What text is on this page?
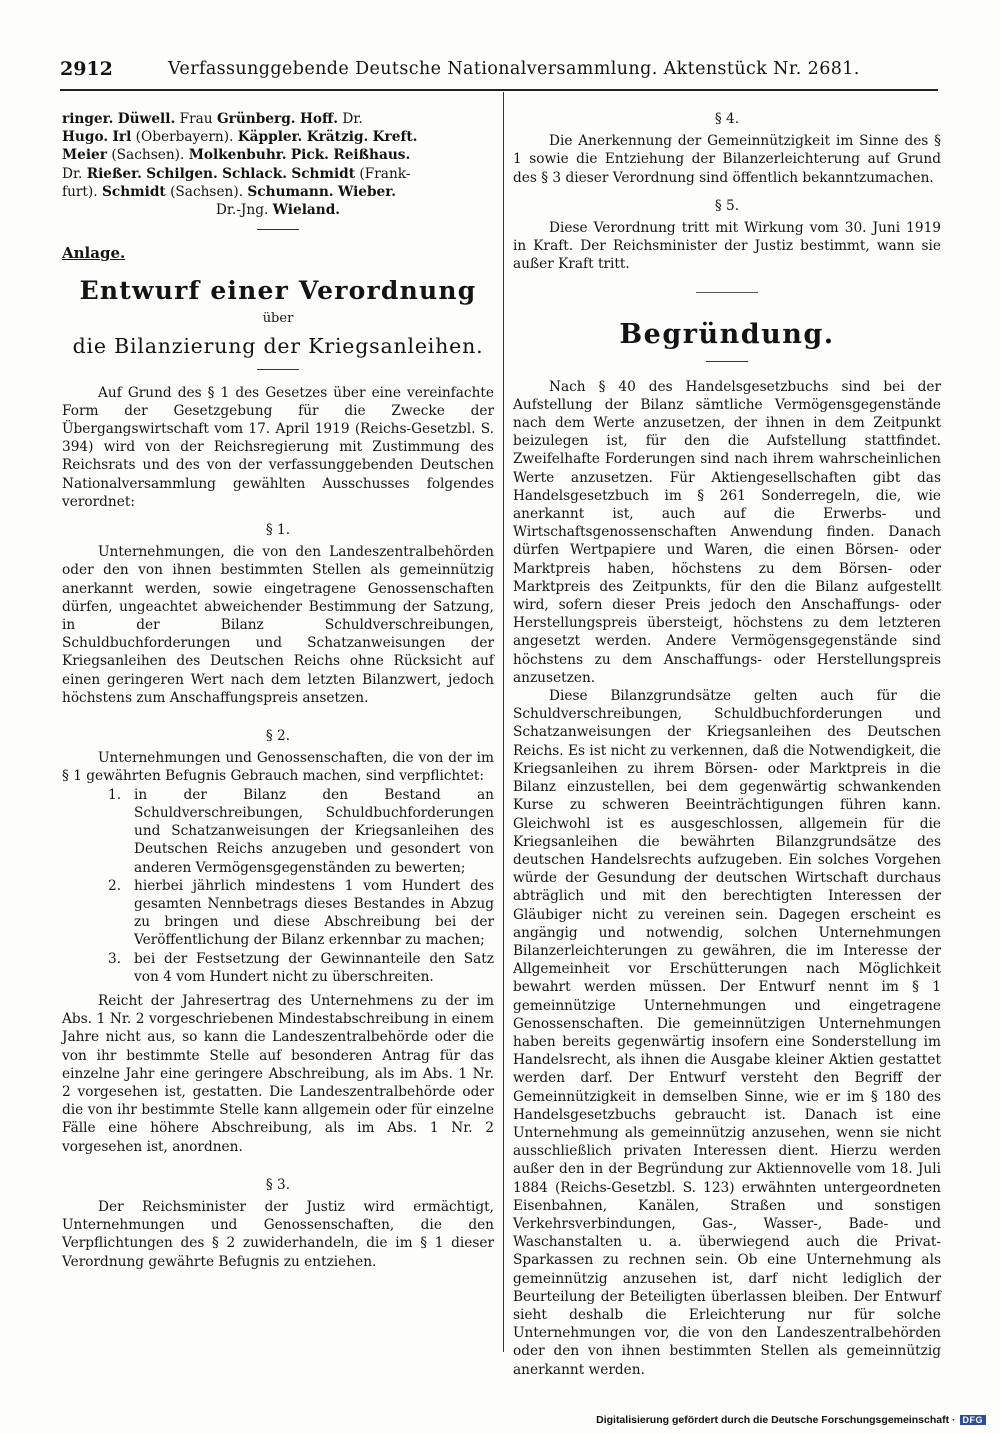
2912	Verfassunggebende Deutsche Nationalversammlung. Aktenstück Nr. 2681.

ringer. Düwell. Frau Grünberg. Hoff. Dr.

Hugo. Irl (Oberbayern). Käppler. Krätzig. Kreft.

Meier (Sachsen). Molkenbuhr. Pick. Reißhaus.

Dr. Rießer. Schilgen. Schlack. Schmidt (Frank-

furt). Schmidt (Sachsen). Schumann. Wieber.

Dr.-Jng. Wieland.

Anlage.

Entwurf einer Verordnung

über

die Bilanzierung der Kriegsanleihen.

Auf Grund des § 1 des Gesetzes über eine vereinfachte Form der Gesetzgebung für die Zwecke der Übergangswirtschaft vom 17. April 1919 (Reichs-Gesetzbl. S. 394) wird von der Reichsregierung mit Zustimmung des Reichsrats und des von der verfassunggebenden Deutschen Nationalversammlung gewählten Ausschusses folgendes verordnet:

§ 1.

Unternehmungen, die von den Landeszentralbehörden oder den von ihnen bestimmten Stellen als gemeinnützig anerkannt werden, sowie eingetragene Genossenschaften dürfen, ungeachtet abweichender Bestimmung der Satzung, in der Bilanz Schuldverschreibungen, Schuldbuchforderungen und Schatzanweisungen der Kriegsanleihen des Deutschen Reichs ohne Rücksicht auf einen geringeren Wert nach dem letzten Bilanzwert, jedoch höchstens zum Anschaffungspreis ansetzen.

§ 2.

Unternehmungen und Genossenschaften, die von der im § 1 gewährten Befugnis Gebrauch machen, sind verpflichtet:

1. in der Bilanz den Bestand an Schuldverschreibungen, Schuldbuchforderungen und Schatzanweisungen der Kriegsanleihen des Deutschen Reichs anzugeben und gesondert von anderen Vermögensgegenständen zu bewerten;
2. hierbei jährlich mindestens 1 vom Hundert des gesamten Nennbetrags dieses Bestandes in Abzug zu bringen und diese Abschreibung bei der Veröffentlichung der Bilanz erkennbar zu machen;
3. bei der Festsetzung der Gewinnanteile den Satz von 4 vom Hundert nicht zu überschreiten.

Reicht der Jahresertrag des Unternehmens zu der im Abs. 1 Nr. 2 vorgeschriebenen Mindestabschreibung in einem Jahre nicht aus, so kann die Landeszentralbehörde oder die von ihr bestimmte Stelle auf besonderen Antrag für das einzelne Jahr eine geringere Abschreibung, als im Abs. 1 Nr. 2 vorgesehen ist, gestatten. Die Landeszentralbehörde oder die von ihr bestimmte Stelle kann allgemein oder für einzelne Fälle eine höhere Abschreibung, als im Abs. 1 Nr. 2 vorgesehen ist, anordnen.

§ 3.

Der Reichsminister der Justiz wird ermächtigt, Unternehmungen und Genossenschaften, die den Verpflichtungen des § 2 zuwiderhandeln, die im § 1 dieser Verordnung gewährte Befugnis zu entziehen.

§ 4.

Die Anerkennung der Gemeinnützigkeit im Sinne des § 1 sowie die Entziehung der Bilanzerleichterung auf Grund des § 3 dieser Verordnung sind öffentlich bekanntzumachen.

§ 5.

Diese Verordnung tritt mit Wirkung vom 30. Juni 1919 in Kraft. Der Reichsminister der Justiz bestimmt, wann sie außer Kraft tritt.

Begründung.

Nach § 40 des Handelsgesetzbuchs sind bei der Aufstellung der Bilanz sämtliche Vermögensgegenstände nach dem Werte anzusetzen, der ihnen in dem Zeitpunkt beizulegen ist, für den die Aufstellung stattfindet. Zweifelhafte Forderungen sind nach ihrem wahrscheinlichen Werte anzusetzen. Für Aktiengesellschaften gibt das Handelsgesetzbuch im § 261 Sonderregeln, die, wie anerkannt ist, auch auf die Erwerbs- und Wirtschaftsgenossenschaften Anwendung finden. Danach dürfen Wertpapiere und Waren, die einen Börsen- oder Marktpreis haben, höchstens zu dem Börsen- oder Marktpreis des Zeitpunkts, für den die Bilanz aufgestellt wird, sofern dieser Preis jedoch den Anschaffungs- oder Herstellungspreis übersteigt, höchstens zu dem letzteren angesetzt werden. Andere Vermögensgegenstände sind höchstens zu dem Anschaffungs- oder Herstellungspreis anzusetzen.

Diese Bilanzgrundsätze gelten auch für die Schuldverschreibungen, Schuldbuchforderungen und Schatzanweisungen der Kriegsanleihen des Deutschen Reichs. Es ist nicht zu verkennen, daß die Notwendigkeit, die Kriegsanleihen zu ihrem Börsen- oder Marktpreis in die Bilanz einzustellen, bei dem gegenwärtig schwankenden Kurse zu schweren Beeinträchtigungen führen kann. Gleichwohl ist es ausgeschlossen, allgemein für die Kriegsanleihen die bewährten Bilanzgrundsätze des deutschen Handelsrechts aufzugeben. Ein solches Vorgehen würde der Gesundung der deutschen Wirtschaft durchaus abträglich und mit den berechtigten Interessen der Gläubiger nicht zu vereinen sein. Dagegen erscheint es angängig und notwendig, solchen Unternehmungen Bilanzerleichterungen zu gewähren, die im Interesse der Allgemeinheit vor Erschütterungen nach Möglichkeit bewahrt werden müssen. Der Entwurf nennt im § 1 gemeinnützige Unternehmungen und eingetragene Genossenschaften. Die gemeinnützigen Unternehmungen haben bereits gegenwärtig insofern eine Sonderstellung im Handelsrecht, als ihnen die Ausgabe kleiner Aktien gestattet werden darf. Der Entwurf versteht den Begriff der Gemeinnützigkeit in demselben Sinne, wie er im § 180 des Handelsgesetzbuchs gebraucht ist. Danach ist eine Unternehmung als gemeinnützig anzusehen, wenn sie nicht ausschließlich privaten Interessen dient. Hierzu werden außer den in der Begründung zur Aktiennovelle vom 18. Juli 1884 (Reichs-Gesetzbl. S. 123) erwähnten untergeordneten Eisenbahnen, Kanälen, Straßen und sonstigen Verkehrsverbindungen, Gas-, Wasser-, Bade- und Waschanstalten u. a. überwiegend auch die Privat-Sparkassen zu rechnen sein. Ob eine Unternehmung als gemeinnützig anzusehen ist, darf nicht lediglich der Beurteilung der Beteiligten überlassen bleiben. Der Entwurf sieht deshalb die Erleichterung nur für solche Unternehmungen vor, die von den Landeszentralbehörden oder den von ihnen bestimmten Stellen als gemeinnützig anerkannt werden.

Digitalisierung gefördert durch die Deutsche Forschungsgemeinschaft · DFG
